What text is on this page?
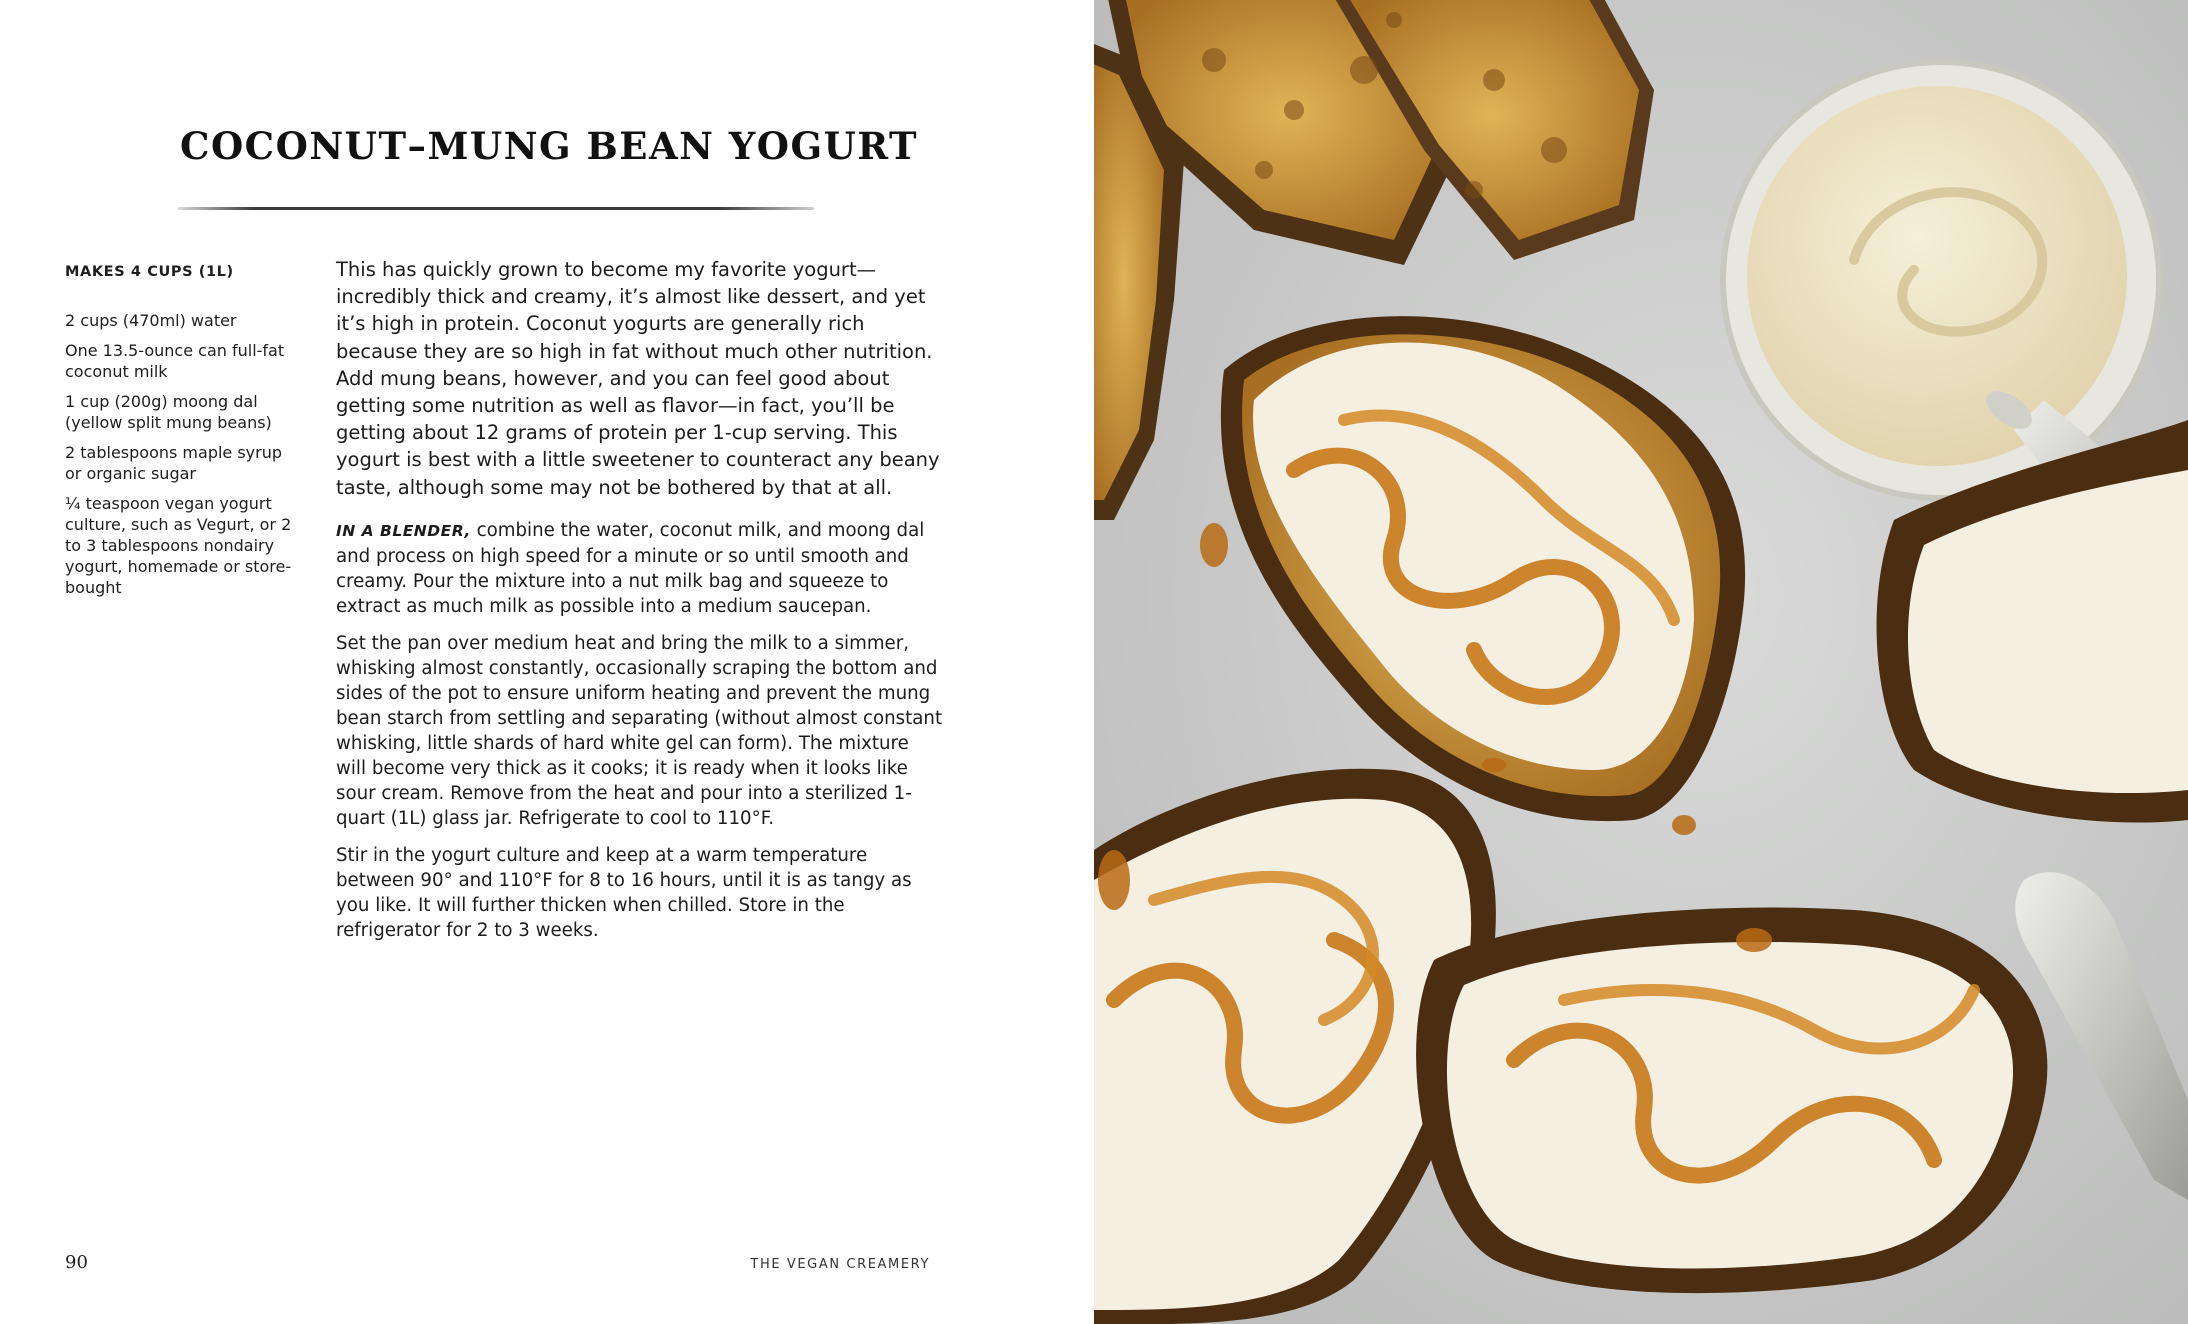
COCONUT–MUNG BEAN YOGURT
MAKES 4 CUPS (1L)

2 cups (470ml) water

One 13.5-ounce can full-fat coconut milk

1 cup (200g) moong dal (yellow split mung beans)

2 tablespoons maple syrup or organic sugar

¼ teaspoon vegan yogurt culture, such as Vegurt, or 2 to 3 tablespoons nondairy yogurt, homemade or store-bought

This has quickly grown to become my favorite yogurt—incredibly thick and creamy, it’s almost like dessert, and yet it’s high in protein. Coconut yogurts are generally rich because they are so high in fat without much other nutrition. Add mung beans, however, and you can feel good about getting some nutrition as well as flavor—in fact, you’ll be getting about 12 grams of protein per 1-cup serving. This yogurt is best with a little sweetener to counteract any beany taste, although some may not be bothered by that at all.

IN A BLENDER, combine the water, coconut milk, and moong dal and process on high speed for a minute or so until smooth and creamy. Pour the mixture into a nut milk bag and squeeze to extract as much milk as possible into a medium saucepan.

Set the pan over medium heat and bring the milk to a simmer, whisking almost constantly, occasionally scraping the bottom and sides of the pot to ensure uniform heating and prevent the mung bean starch from settling and separating (without almost constant whisking, little shards of hard white gel can form). The mixture will become very thick as it cooks; it is ready when it looks like sour cream. Remove from the heat and pour into a sterilized 1-quart (1L) glass jar. Refrigerate to cool to 110°F.

Stir in the yogurt culture and keep at a warm temperature between 90° and 110°F for 8 to 16 hours, until it is as tangy as you like. It will further thicken when chilled. Store in the refrigerator for 2 to 3 weeks.

90	THE VEGAN CREAMERY
